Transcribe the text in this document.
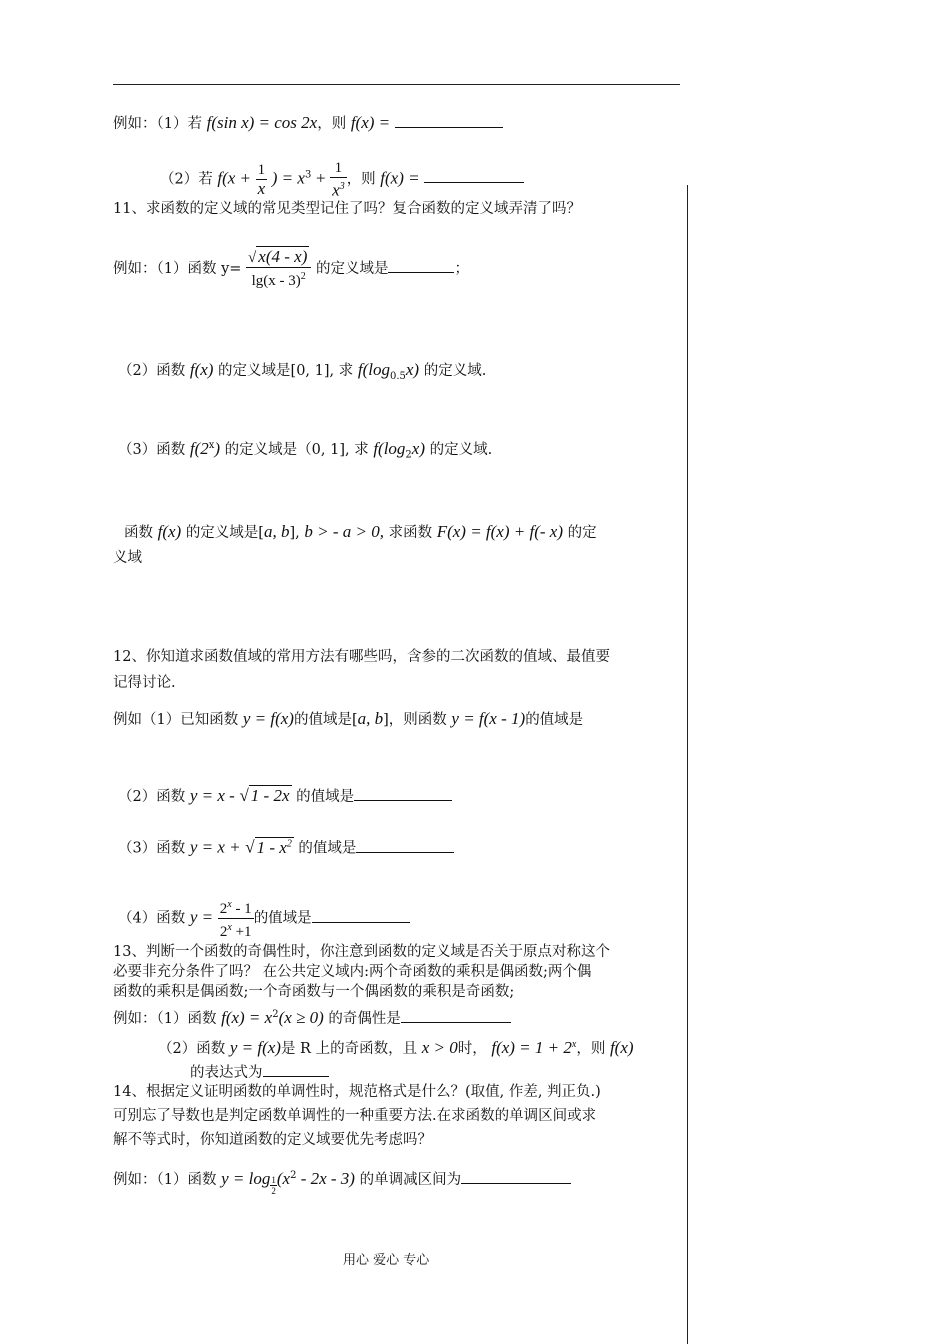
例如：（1）若 f(sin x) = cos 2x，则 f(x) =
（2）若 $f(x + \frac{1}{x}$ ) = $x^3 + \frac{1}{x^3}$ ，则 f(x) =
11、求函数的定义域的常见类型记住了吗？复合函数的定义域弄清了吗？
例如：（1）函数 $y= \frac{√ x(4 - x)}{\lg(x - 3)^2}$ 的定义域是	；
（2）函数 f(x) 的定义域是[0, 1], 求 $f(\log_{0.5}x)$ 的定义域.
（3）函数 f(2$^x$) 的定义域是（0, 1], 求 $f(\log_2x)$ 的定义域.
函数 f(x) 的定义域是[a, b], b > - a > 0, 求函数 F(x) = f(x) + f(- x) 的定
义域
12、你知道求函数值域的常用方法有哪些吗，含参的二次函数的值域、最值要
记得讨论.
例如（1）已知函数 y = f(x)的值域是[a, b]，则函数 y = f(x - 1)的值域是
（2）函数 y = x - √ 1 - 2x 的值域是
（3）函数 y = x + √ $1 - x^2$ 的值域是
（4）函数 $y = \frac{2^x - 1}{2^x +1}$ 的值域是
13、判断一个函数的奇偶性时，你注意到函数的定义域是否关于原点对称这个
必要非充分条件了吗？ 在公共定义域内:两个奇函数的乘积是偶函数;两个偶
函数的乘积是偶函数;一个奇函数与一个偶函数的乘积是奇函数;
例如：（1）函数 $f(x) = x^2(x \ge 0)$ 的奇偶性是
（2）函数 y = f(x)是 R 上的奇函数，且 x > 0时， $f(x) = 1 + 2^x$，则 f(x)
的表达式为
14、根据定义证明函数的单调性时，规范格式是什么？(取值, 作差, 判正负.)
可别忘了导数也是判定函数单调性的一种重要方法.在求函数的单调区间或求
解不等式时，你知道函数的定义域要优先考虑吗？
例如：（1）函数 $y = \log \frac{1}{2} (x^2 - 2x - 3)$ 的单调减区间为
用心 爱心 专心
